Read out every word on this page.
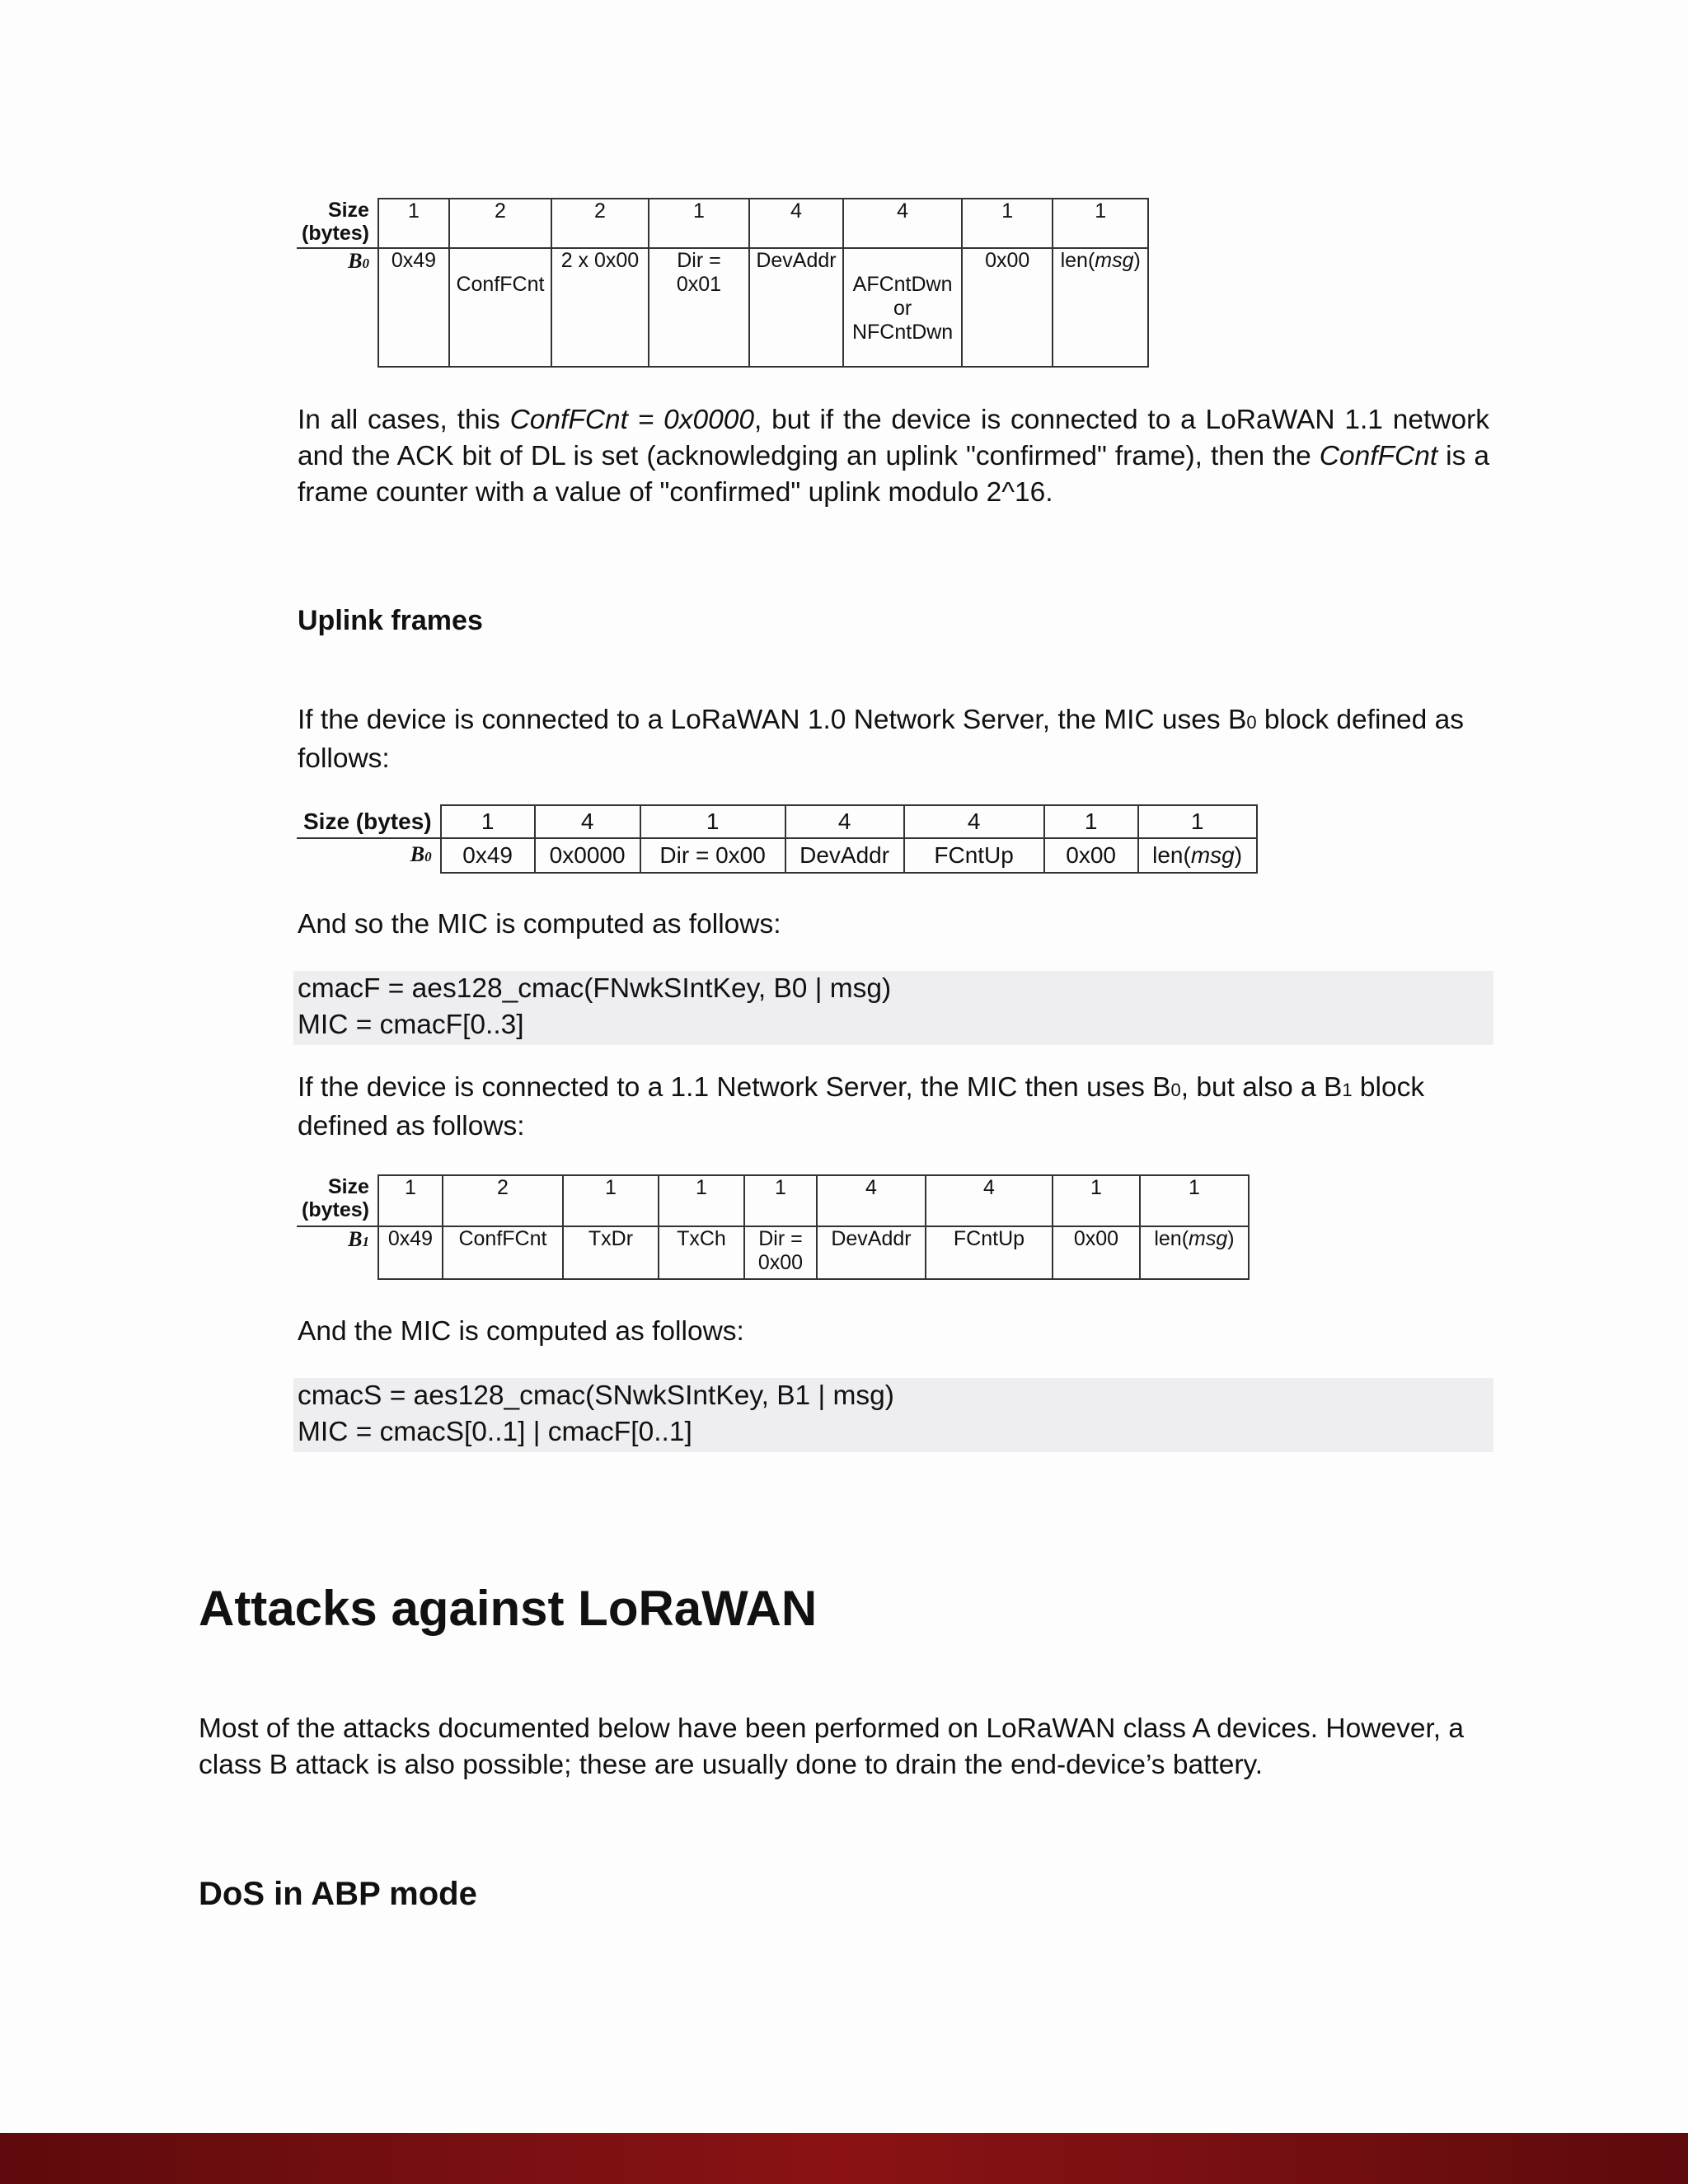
Size
(bytes)	1	2	2	1	4	4	1	1
B0	0x49	ConfFCnt	2 x 0x00	Dir = 0x01	DevAddr	AFCntDwn or NFCntDwn	0x00	len(msg)

In all cases, this ConfFCnt = 0x0000, but if the device is connected to a LoRaWAN 1.1 network and the ACK bit of DL is set (acknowledging an uplink "confirmed" frame), then the ConfFCnt is a frame counter with a value of "confirmed" uplink modulo 2^16.

Uplink frames

If the device is connected to a LoRaWAN 1.0 Network Server, the MIC uses B0 block defined as follows:

Size (bytes)	1	4	1	4	4	1	1
B0	0x49	0x0000	Dir = 0x00	DevAddr	FCntUp	0x00	len(msg)

And so the MIC is computed as follows:

cmacF = aes128_cmac(FNwkSIntKey, B0 | msg)
MIC = cmacF[0..3]

If the device is connected to a 1.1 Network Server, the MIC then uses B0, but also a B1 block defined as follows:

Size
(bytes)	1	2	1	1	1	4	4	1	1
B1	0x49	ConfFCnt	TxDr	TxCh	Dir = 0x00	DevAddr	FCntUp	0x00	len(msg)

And the MIC is computed as follows:

cmacS = aes128_cmac(SNwkSIntKey, B1 | msg)
MIC = cmacS[0..1] | cmacF[0..1]
Attacks against LoRaWAN

Most of the attacks documented below have been performed on LoRaWAN class A devices. However, a class B attack is also possible; these are usually done to drain the end-device’s battery.

DoS in ABP mode
